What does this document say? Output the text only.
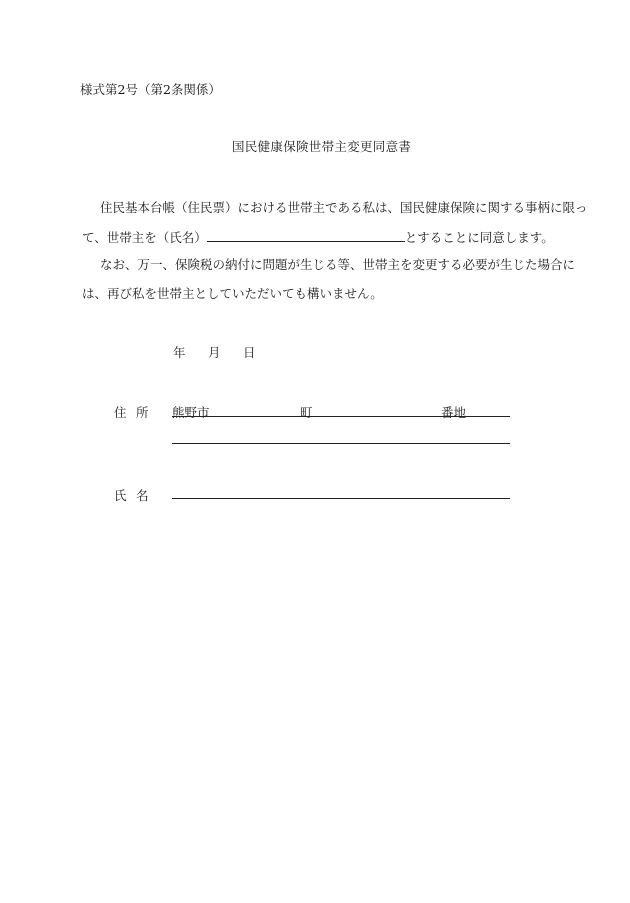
様式第2号（第2条関係）
国民健康保険世帯主変更同意書
住民基本台帳（住民票）における世帯主である私は、国民健康保険に関する事柄に限っ
て、世帯主を（氏名）	とすることに同意します。
なお、万一、保険税の納付に問題が生じる等、世帯主を変更する必要が生じた場合に
は、再び私を世帯主としていただいても構いません。
年 月 日
住 所 熊野市	町	番地
氏 名
